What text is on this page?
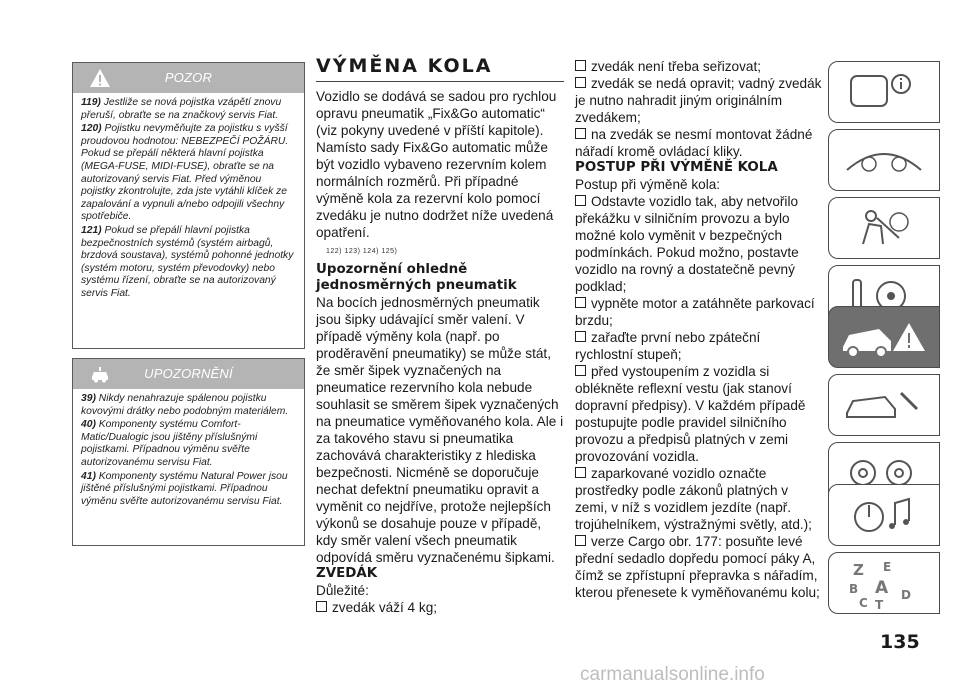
POZOR

119) Jestliže se nová pojistka vzápětí znovu přeruší, obraťte se na značkový servis Fiat.

120) Pojistku nevyměňujte za pojistku s vyšší proudovou hodnotou: NEBEZPEČÍ POŽÁRU. Pokud se přepálí některá hlavní pojistka (MEGA-FUSE, MIDI-FUSE), obraťte se na autorizovaný servis Fiat. Před výměnou pojistky zkontrolujte, zda jste vytáhli klíček ze zapalování a vypnuli a/nebo odpojili všechny spotřebiče.

121) Pokud se přepálí hlavní pojistka bezpečnostních systémů (systém airbagů, brzdová soustava), systémů pohonné jednotky (systém motoru, systém převodovky) nebo systému řízení, obraťte se na autorizovaný servis Fiat.

UPOZORNĚNÍ

39) Nikdy nenahrazuje spálenou pojistku kovovými drátky nebo podobným materiálem.

40) Komponenty systému Comfort-Matic/Dualogic jsou jištěny příslušnými pojistkami. Případnou výměnu svěřte autorizovanému servisu Fiat.

41) Komponenty systému Natural Power jsou jištěné příslušnými pojistkami. Případnou výměnu svěřte autorizovanému servisu Fiat.

VÝMĚNA KOLA

Vozidlo se dodává se sadou pro rychlou opravu pneumatik „Fix&Go automatic“ (viz pokyny uvedené v příští kapitole). Namísto sady Fix&Go automatic může být vozidlo vybaveno rezervním kolem normálních rozměrů. Při případné výměně kola za rezervní kolo pomocí zvedáku je nutno dodržet níže uvedená opatření.

122) 123) 124) 125)
Upozornění ohledně
jednosměrných pneumatik

Na bocích jednosměrných pneumatik jsou šipky udávající směr valení. V případě výměny kola (např. po proděravění pneumatiky) se může stát, že směr šipek vyznačených na pneumatice rezervního kola nebude souhlasit se směrem šipek vyznačených na pneumatice vyměňovaného kola. Ale i za takového stavu si pneumatika zachovává charakteristiky z hlediska bezpečnosti. Nicméně se doporučuje nechat defektní pneumatiku opravit a vyměnit co nejdříve, protože nejlepších výkonů se dosahuje pouze v případě, kdy směr valení všech pneumatik odpovídá směru vyznačenému šipkami.

ZVEDÁK

Důležité:

zvedák váží 4 kg;

zvedák není třeba seřizovat;

zvedák se nedá opravit; vadný zvedák je nutno nahradit jiným originálním zvedákem;

na zvedák se nesmí montovat žádné nářadí kromě ovládací kliky.

POSTUP PŘI VÝMĚNĚ KOLA

Postup při výměně kola:

Odstavte vozidlo tak, aby netvořilo překážku v silničním provozu a bylo možné kolo vyměnit v bezpečných podmínkách. Pokud možno, postavte vozidlo na rovný a dostatečně pevný podklad;

vypněte motor a zatáhněte parkovací brzdu;

zařaďte první nebo zpáteční rychlostní stupeň;

před vystoupením z vozidla si oblékněte reflexní vestu (jak stanoví dopravní předpisy). V každém případě postupujte podle pravidel silničního provozu a předpisů platných v zemi provozování vozidla.

zaparkované vozidlo označte prostředky podle zákonů platných v zemi, v níž s vozidlem jezdíte (např. trojúhelníkem, výstražnými světly, atd.);

verze Cargo obr. 177: posuňte levé přední sedadlo dopředu pomocí páky A, čímž se zpřístupní přepravka s nářadím, kterou přenesete k vyměňovanému kolu;

Z E
B A
C T
D
135
carmanualsonline.info
